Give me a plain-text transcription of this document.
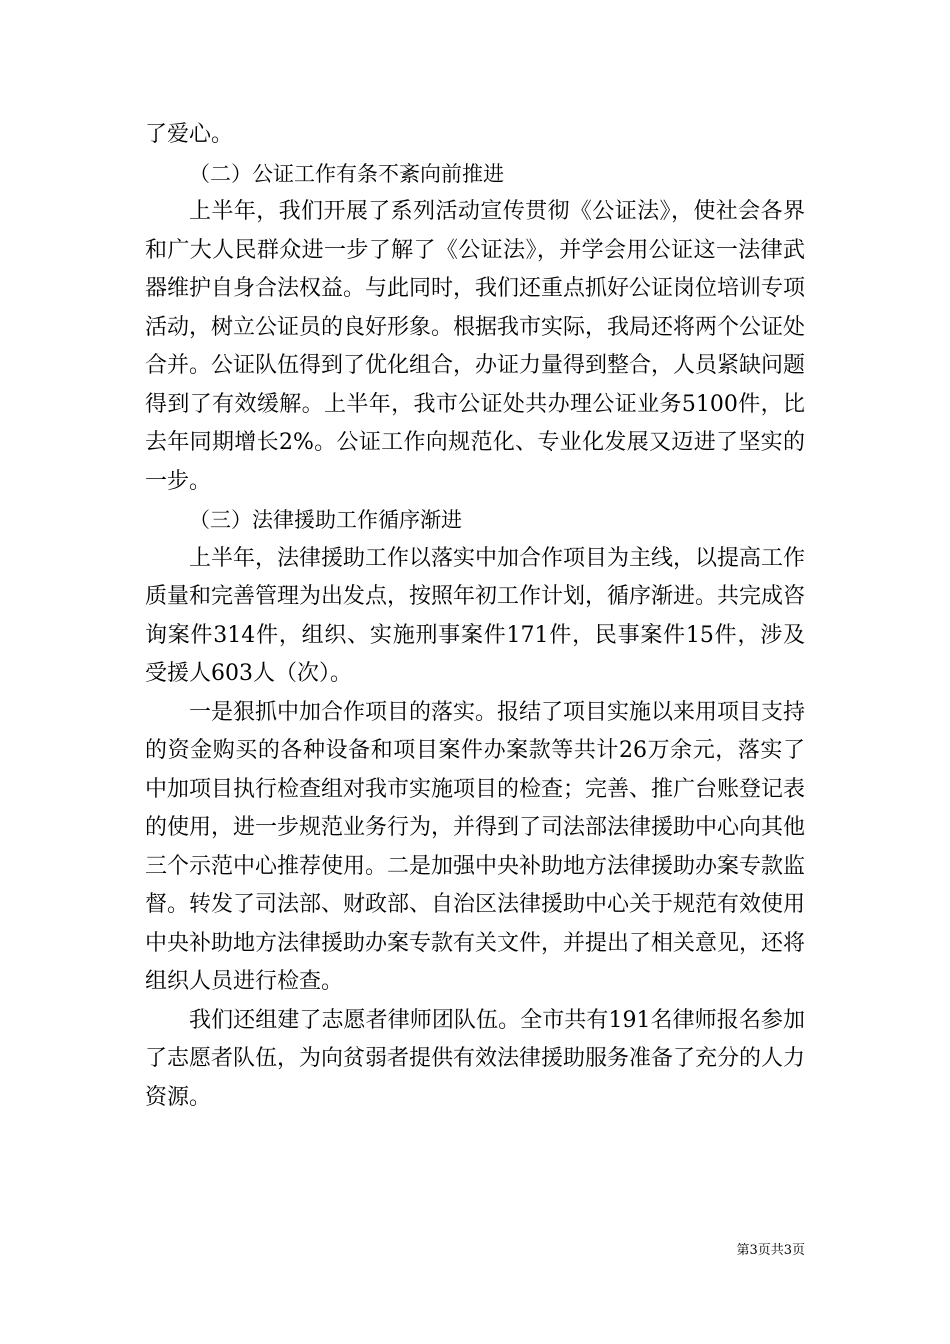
了爱心。

（二）公证工作有条不紊向前推进

上半年，我们开展了系列活动宣传贯彻《公证法》，使社会各界和广大人民群众进一步了解了《公证法》，并学会用公证这一法律武器维护自身合法权益。与此同时，我们还重点抓好公证岗位培训专项活动，树立公证员的良好形象。根据我市实际，我局还将两个公证处合并。公证队伍得到了优化组合，办证力量得到整合，人员紧缺问题得到了有效缓解。上半年，我市公证处共办理公证业务5100件，比去年同期增长2%。公证工作向规范化、专业化发展又迈进了坚实的一步。

（三）法律援助工作循序渐进

上半年，法律援助工作以落实中加合作项目为主线，以提高工作质量和完善管理为出发点，按照年初工作计划，循序渐进。共完成咨询案件314件，组织、实施刑事案件171件，民事案件15件，涉及受援人603人（次）。

一是狠抓中加合作项目的落实。报结了项目实施以来用项目支持的资金购买的各种设备和项目案件办案款等共计26万余元，落实了中加项目执行检查组对我市实施项目的检查；完善、推广台账登记表的使用，进一步规范业务行为，并得到了司法部法律援助中心向其他三个示范中心推荐使用。二是加强中央补助地方法律援助办案专款监督。转发了司法部、财政部、自治区法律援助中心关于规范有效使用中央补助地方法律援助办案专款有关文件，并提出了相关意见，还将组织人员进行检查。

我们还组建了志愿者律师团队伍。全市共有191名律师报名参加了志愿者队伍，为向贫弱者提供有效法律援助服务准备了充分的人力资源。

第3页共3页
